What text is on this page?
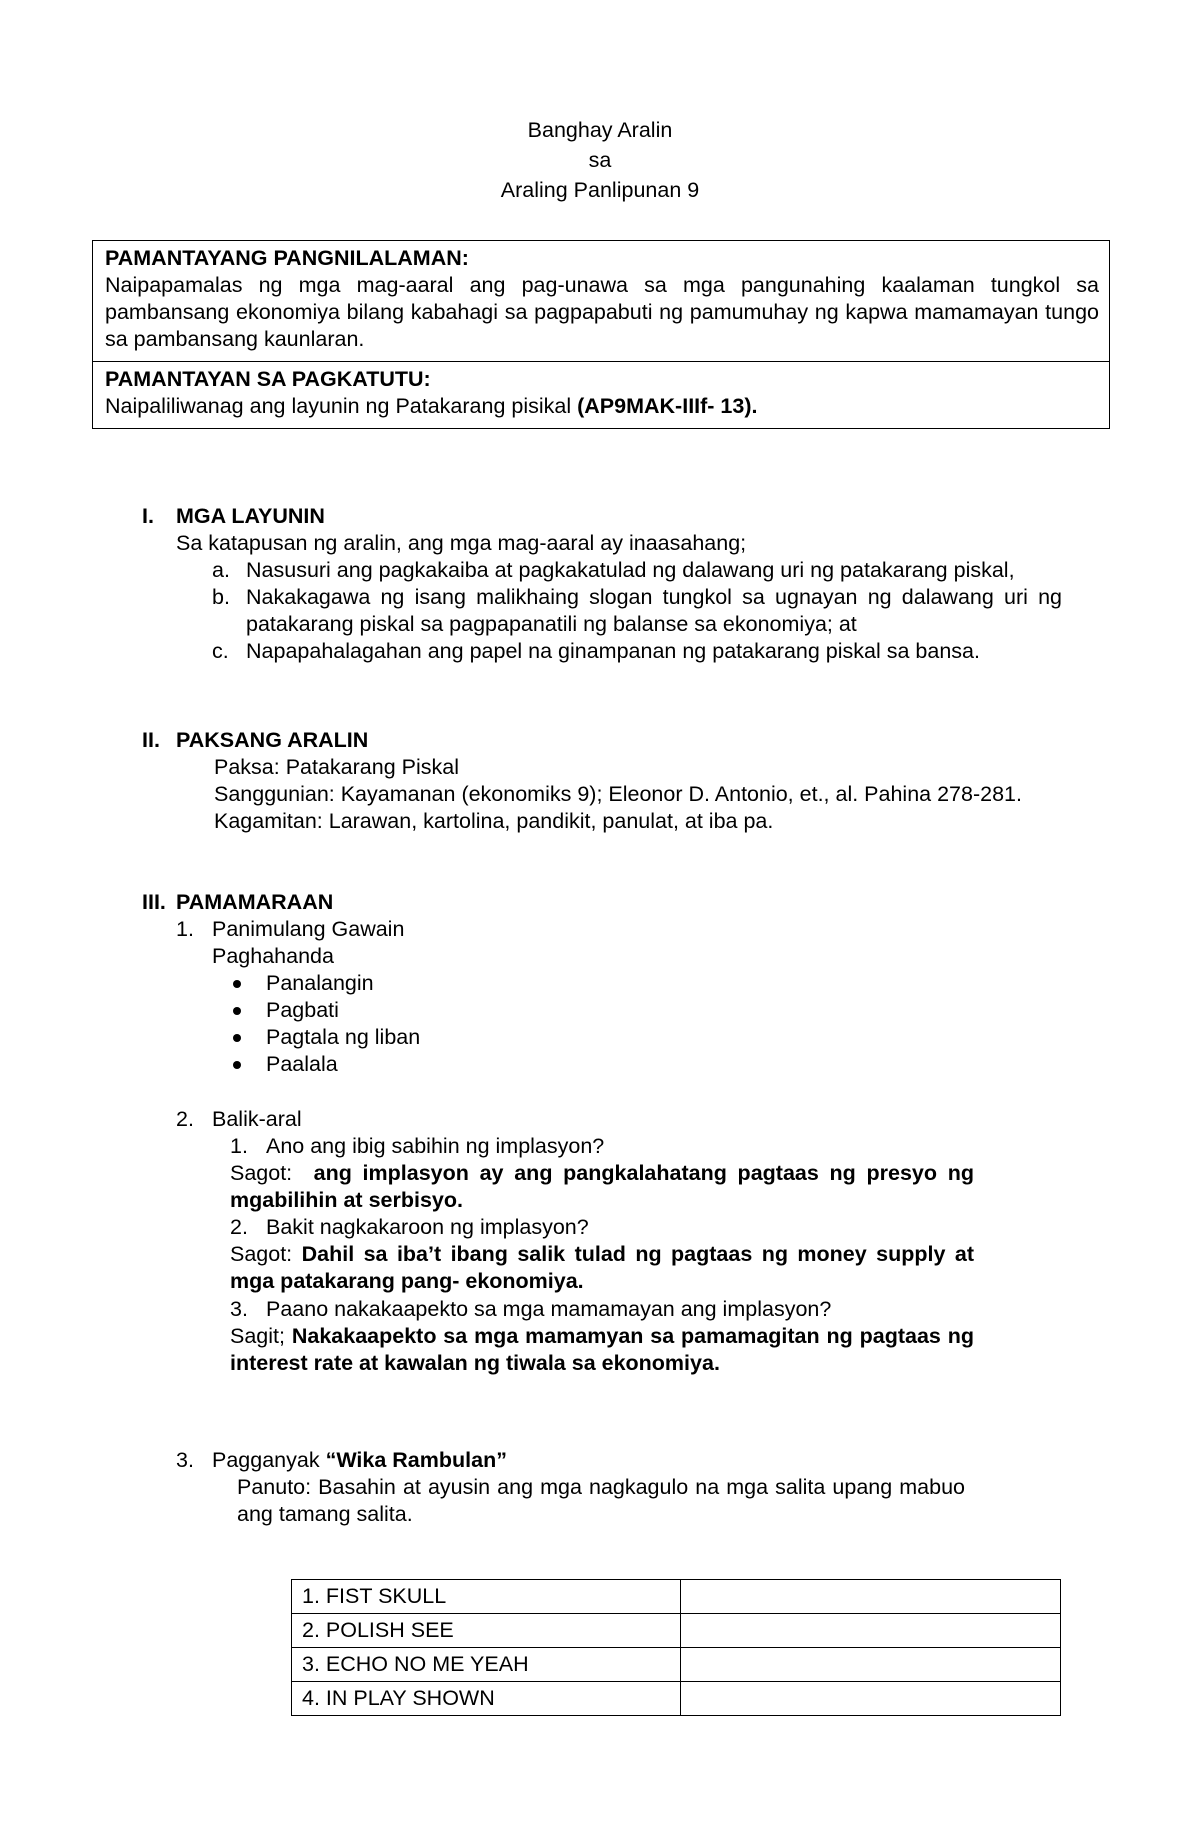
Banghay Aralin
sa
Araling Panlipunan 9
PAMANTAYANG PANGNILALAMAN:
Naipapamalas ng mga mag-aaral ang pag-unawa sa mga pangunahing kaalaman tungkol sa pambansang ekonomiya bilang kabahagi sa pagpapabuti ng pamumuhay ng kapwa mamamayan tungo sa pambansang kaunlaran.

PAMANTAYAN SA PAGKATUTU:
Naipaliliwanag ang layunin ng Patakarang pisikal (AP9MAK-IIIf- 13).
I. MGA LAYUNIN
Sa katapusan ng aralin, ang mga mag-aaral ay inaasahang;
a. Nasusuri ang pagkakaiba at pagkakatulad ng dalawang uri ng patakarang piskal,
b. Nakakagawa ng isang malikhaing slogan tungkol sa ugnayan ng dalawang uri ng patakarang piskal sa pagpapanatili ng balanse sa ekonomiya; at
c. Napapahalagahan ang papel na ginampanan ng patakarang piskal sa bansa.
II. PAKSANG ARALIN
Paksa: Patakarang Piskal
Sanggunian: Kayamanan (ekonomiks 9); Eleonor D. Antonio, et., al. Pahina 278-281.
Kagamitan: Larawan, kartolina, pandikit, panulat, at iba pa.
III. PAMAMARAAN
1. Panimulang Gawain
Paghahanda
Panalangin
Pagbati
Pagtala ng liban
Paalala
2. Balik-aral
1. Ano ang ibig sabihin ng implasyon?
Sagot: ang implasyon ay ang pangkalahatang pagtaas ng presyo ng mgabilihin at serbisyo.
2. Bakit nagkakaroon ng implasyon?
Sagot: Dahil sa iba’t ibang salik tulad ng pagtaas ng money supply at mga patakarang pang- ekonomiya.
3. Paano nakakaapekto sa mga mamamayan ang implasyon?
Sagit; Nakakaapekto sa mga mamamyan sa pamamagitan ng pagtaas ng interest rate at kawalan ng tiwala sa ekonomiya.
3. Pagganyak “Wika Rambulan”
Panuto: Basahin at ayusin ang mga nagkagulo na mga salita upang mabuo ang tamang salita.
1. FIST SKULL	
2. POLISH SEE	
3. ECHO NO ME YEAH	
4. IN PLAY SHOWN	
